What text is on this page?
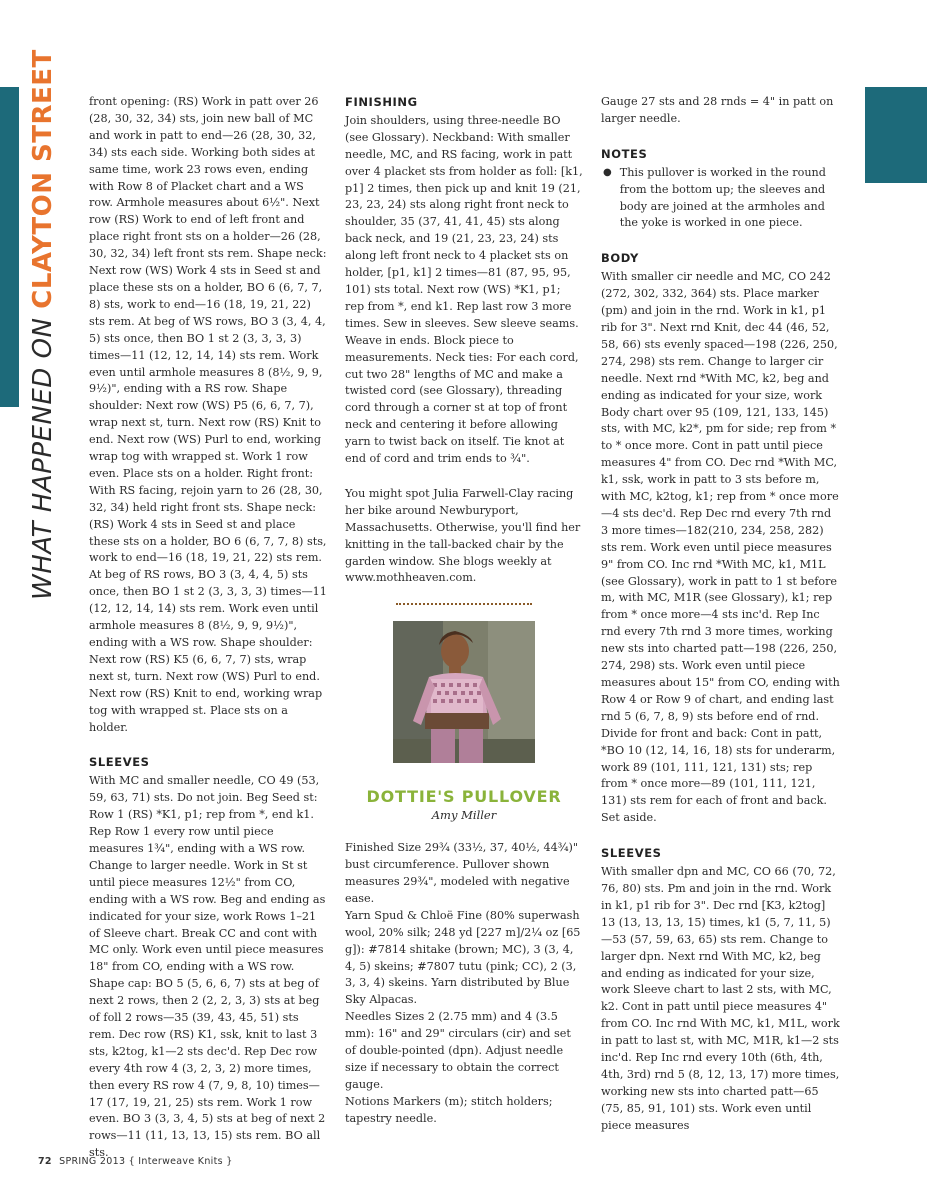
WHAT HAPPENED ON CLAYTON STREET	front opening: (RS) Work in patt over 26 (28, 30, 32, 34) sts, join new ball of MC and work in patt to end—26 (28, 30, 32, 34) sts each side. Working both sides at same time, work 23 rows even, ending with Row 8 of Placket chart and a WS row. Armhole measures about 6½". Next row (RS) Work to end of left front and place right front sts on a holder—26 (28, 30, 32, 34) left front sts rem. Shape neck: Next row (WS) Work 4 sts in Seed st and place these sts on a holder, BO 6 (6, 7, 7, 8) sts, work to end—16 (18, 19, 21, 22) sts rem. At beg of WS rows, BO 3 (3, 4, 4, 5) sts once, then BO 1 st 2 (3, 3, 3, 3) times—11 (12, 12, 14, 14) sts rem. Work even until armhole measures 8 (8½, 9, 9, 9½)", ending with a RS row. Shape shoulder: Next row (WS) P5 (6, 6, 7, 7), wrap next st, turn. Next row (RS) Knit to end. Next row (WS) Purl to end, working wrap tog with wrapped st. Work 1 row even. Place sts on a holder. Right front: With RS facing, rejoin yarn to 26 (28, 30, 32, 34) held right front sts. Shape neck: (RS) Work 4 sts in Seed st and place these sts on a holder, BO 6 (6, 7, 7, 8) sts, work to end—16 (18, 19, 21, 22) sts rem. At beg of RS rows, BO 3 (3, 4, 4, 5) sts once, then BO 1 st 2 (3, 3, 3, 3) times—11 (12, 12, 14, 14) sts rem. Work even until armhole measures 8 (8½, 9, 9, 9½)", ending with a WS row. Shape shoulder: Next row (RS) K5 (6, 6, 7, 7) sts, wrap next st, turn. Next row (WS) Purl to end. Next row (RS) Knit to end, working wrap tog with wrapped st. Place sts on a holder.

SLEEVES

With MC and smaller needle, CO 49 (53, 59, 63, 71) sts. Do not join. Beg Seed st: Row 1 (RS) *K1, p1; rep from *, end k1. Rep Row 1 every row until piece measures 1¾", ending with a WS row. Change to larger needle. Work in St st until piece measures 12½" from CO, ending with a WS row. Beg and ending as indicated for your size, work Rows 1–21 of Sleeve chart. Break CC and cont with MC only. Work even until piece measures 18" from CO, ending with a WS row. Shape cap: BO 5 (5, 6, 6, 7) sts at beg of next 2 rows, then 2 (2, 2, 3, 3) sts at beg of foll 2 rows—35 (39, 43, 45, 51) sts rem. Dec row (RS) K1, ssk, knit to last 3 sts, k2tog, k1—2 sts dec'd. Rep Dec row every 4th row 4 (3, 2, 3, 2) more times, then every RS row 4 (7, 9, 8, 10) times—17 (17, 19, 21, 25) sts rem. Work 1 row even. BO 3 (3, 3, 4, 5) sts at beg of next 2 rows—11 (11, 13, 13, 15) sts rem. BO all sts.

FINISHING

Join shoulders, using three-needle BO (see Glossary). Neckband: With smaller needle, MC, and RS facing, work in patt over 4 placket sts from holder as foll: [k1, p1] 2 times, then pick up and knit 19 (21, 23, 23, 24) sts along right front neck to shoulder, 35 (37, 41, 41, 45) sts along back neck, and 19 (21, 23, 23, 24) sts along left front neck to 4 placket sts on holder, [p1, k1] 2 times—81 (87, 95, 95, 101) sts total. Next row (WS) *K1, p1; rep from *, end k1. Rep last row 3 more times. Sew in sleeves. Sew sleeve seams. Weave in ends. Block piece to measurements. Neck ties: For each cord, cut two 28" lengths of MC and make a twisted cord (see Glossary), threading cord through a corner st at top of front neck and centering it before allowing yarn to twist back on itself. Tie knot at end of cord and trim ends to ¾".

You might spot Julia Farwell-Clay racing her bike around Newburyport, Massachusetts. Otherwise, you'll find her knitting in the tall-backed chair by the garden window. She blogs weekly at www.mothheaven.com.

DOTTIE'S PULLOVER
Amy Miller

Finished Size 29¾ (33½, 37, 40½, 44¾)" bust circumference. Pullover shown measures 29¾", modeled with negative ease.

Yarn Spud & Chloë Fine (80% superwash wool, 20% silk; 248 yd [227 m]/2¼ oz [65 g]): #7814 shitake (brown; MC), 3 (3, 4, 4, 5) skeins; #7807 tutu (pink; CC), 2 (3, 3, 3, 4) skeins. Yarn distributed by Blue Sky Alpacas.

Needles Sizes 2 (2.75 mm) and 4 (3.5 mm): 16" and 29" circulars (cir) and set of double-pointed (dpn). Adjust needle size if necessary to obtain the correct gauge.

Notions Markers (m); stitch holders; tapestry needle.

Gauge 27 sts and 28 rnds = 4" in patt on larger needle.

NOTES
● This pullover is worked in the round from the bottom up; the sleeves and body are joined at the armholes and the yoke is worked in one piece.
BODY

With smaller cir needle and MC, CO 242 (272, 302, 332, 364) sts. Place marker (pm) and join in the rnd. Work in k1, p1 rib for 3". Next rnd Knit, dec 44 (46, 52, 58, 66) sts evenly spaced—198 (226, 250, 274, 298) sts rem. Change to larger cir needle. Next rnd *With MC, k2, beg and ending as indicated for your size, work Body chart over 95 (109, 121, 133, 145) sts, with MC, k2*, pm for side; rep from * to * once more. Cont in patt until piece measures 4" from CO. Dec rnd *With MC, k1, ssk, work in patt to 3 sts before m, with MC, k2tog, k1; rep from * once more—4 sts dec'd. Rep Dec rnd every 7th rnd 3 more times—182(210, 234, 258, 282) sts rem. Work even until piece measures 9" from CO. Inc rnd *With MC, k1, M1L (see Glossary), work in patt to 1 st before m, with MC, M1R (see Glossary), k1; rep from * once more—4 sts inc'd. Rep Inc rnd every 7th rnd 3 more times, working new sts into charted patt—198 (226, 250, 274, 298) sts. Work even until piece measures about 15" from CO, ending with Row 4 or Row 9 of chart, and ending last rnd 5 (6, 7, 8, 9) sts before end of rnd. Divide for front and back: Cont in patt, *BO 10 (12, 14, 16, 18) sts for underarm, work 89 (101, 111, 121, 131) sts; rep from * once more—89 (101, 111, 121, 131) sts rem for each of front and back. Set aside.

SLEEVES

With smaller dpn and MC, CO 66 (70, 72, 76, 80) sts. Pm and join in the rnd. Work in k1, p1 rib for 3". Dec rnd [K3, k2tog] 13 (13, 13, 13, 15) times, k1 (5, 7, 11, 5)—53 (57, 59, 63, 65) sts rem. Change to larger dpn. Next rnd With MC, k2, beg and ending as indicated for your size, work Sleeve chart to last 2 sts, with MC, k2. Cont in patt until piece measures 4" from CO. Inc rnd With MC, k1, M1L, work in patt to last st, with MC, M1R, k1—2 sts inc'd. Rep Inc rnd every 10th (6th, 4th, 4th, 3rd) rnd 5 (8, 12, 13, 17) more times, working new sts into charted patt—65 (75, 85, 91, 101) sts. Work even until piece measures

72 SPRING 2013 { Interweave Knits }
